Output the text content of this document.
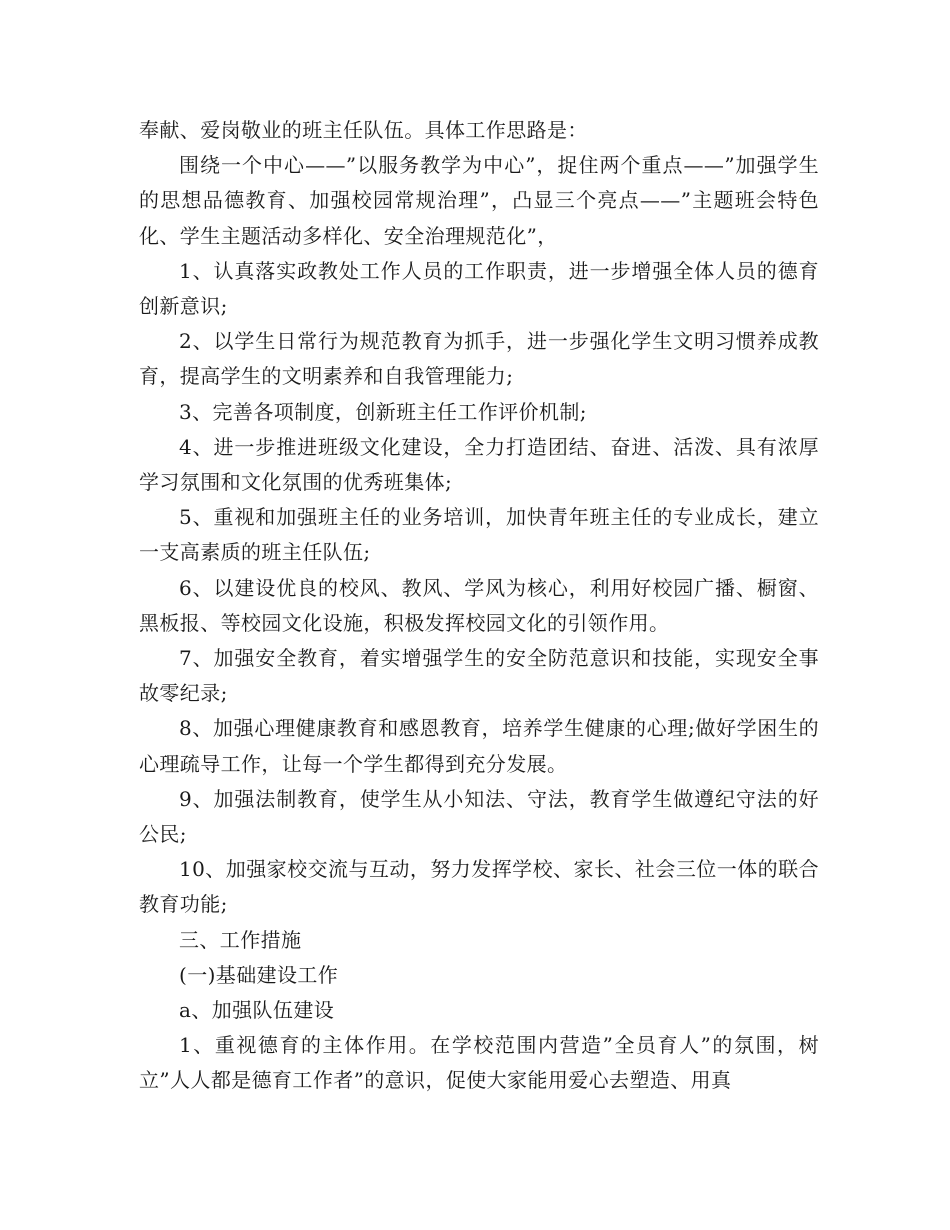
奉献、爱岗敬业的班主任队伍。具体工作思路是：

围绕一个中心——”以服务教学为中心”，捉住两个重点——”加强学生的思想品德教育、加强校园常规治理”，凸显三个亮点——”主题班会特色化、学生主题活动多样化、安全治理规范化”，

1、认真落实政教处工作人员的工作职责，进一步增强全体人员的德育创新意识;

2、以学生日常行为规范教育为抓手，进一步强化学生文明习惯养成教育，提高学生的文明素养和自我管理能力;

3、完善各项制度，创新班主任工作评价机制;

4、进一步推进班级文化建设，全力打造团结、奋进、活泼、具有浓厚学习氛围和文化氛围的优秀班集体;

5、重视和加强班主任的业务培训，加快青年班主任的专业成长，建立一支高素质的班主任队伍;

6、以建设优良的校风、教风、学风为核心，利用好校园广播、橱窗、黑板报、等校园文化设施，积极发挥校园文化的引领作用。

7、加强安全教育，着实增强学生的安全防范意识和技能，实现安全事故零纪录;

8、加强心理健康教育和感恩教育，培养学生健康的心理;做好学困生的心理疏导工作，让每一个学生都得到充分发展。

9、加强法制教育，使学生从小知法、守法，教育学生做遵纪守法的好公民;

10、加强家校交流与互动，努力发挥学校、家长、社会三位一体的联合教育功能;

三、工作措施

(一)基础建设工作

a、加强队伍建设

1、重视德育的主体作用。在学校范围内营造”全员育人”的氛围，树立”人人都是德育工作者”的意识，促使大家能用爱心去塑造、用真
